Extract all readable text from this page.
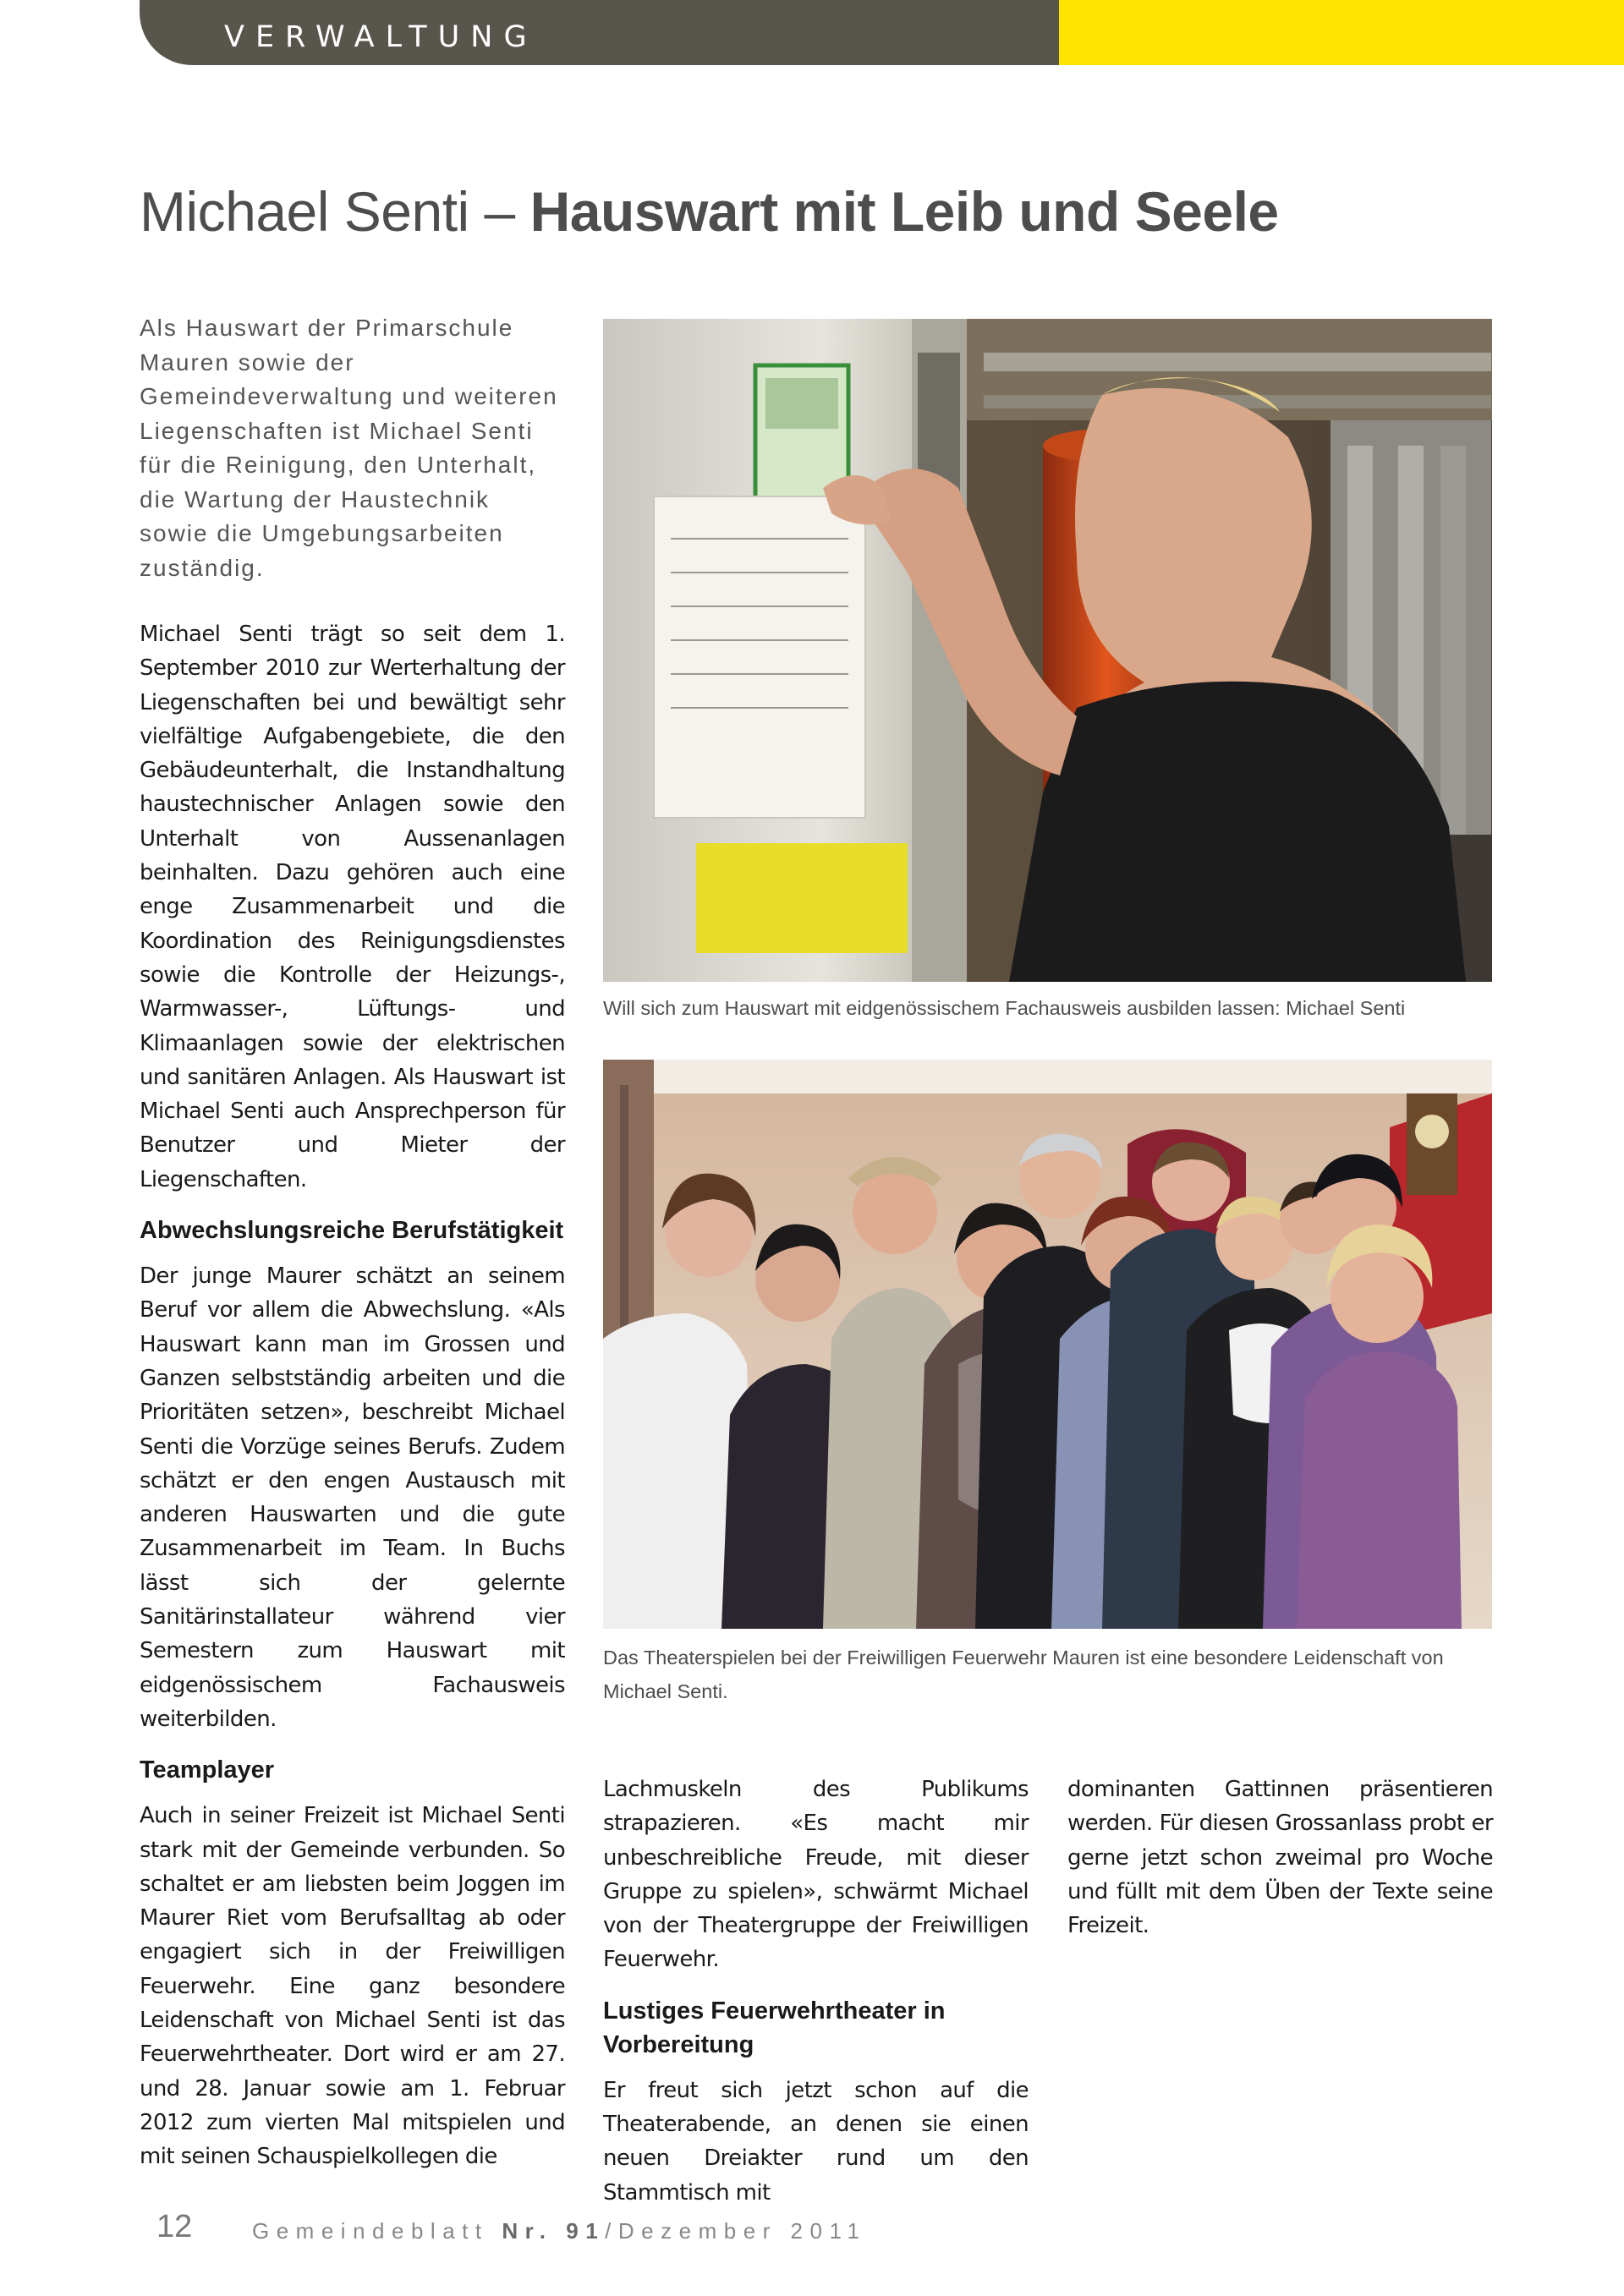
VERWALTUNG
Michael Senti – Hauswart mit Leib und Seele

Als Hauswart der Primarschule Mauren sowie der Gemeindeverwaltung und weiteren Liegenschaften ist Michael Senti für die Reinigung, den Unterhalt, die Wartung der Haustechnik sowie die Umgebungsarbeiten zuständig.

Michael Senti trägt so seit dem 1. September 2010 zur Werterhaltung der Liegenschaften bei und bewältigt sehr vielfältige Aufgabengebiete, die den Gebäudeunterhalt, die Instandhaltung haustechnischer Anlagen sowie den Unterhalt von Aussenanlagen beinhalten. Dazu gehören auch eine enge Zusammenarbeit und die Koordination des Reinigungsdienstes sowie die Kontrolle der Heizungs-, Warmwasser-, Lüftungs- und Klimaanlagen sowie der elektrischen und sanitären Anlagen. Als Hauswart ist Michael Senti auch Ansprechperson für Benutzer und Mieter der Liegenschaften.

Abwechslungsreiche Berufstätigkeit

Der junge Maurer schätzt an seinem Beruf vor allem die Abwechslung. «Als Hauswart kann man im Grossen und Ganzen selbstständig arbeiten und die Prioritäten setzen», beschreibt Michael Senti die Vorzüge seines Berufs. Zudem schätzt er den engen Austausch mit anderen Hauswarten und die gute Zusammenarbeit im Team. In Buchs lässt sich der gelernte Sanitärinstallateur während vier Semestern zum Hauswart mit eidgenössischem Fachausweis weiterbilden.

Teamplayer

Auch in seiner Freizeit ist Michael Senti stark mit der Gemeinde verbunden. So schaltet er am liebsten beim Joggen im Maurer Riet vom Berufsalltag ab oder engagiert sich in der Freiwilligen Feuerwehr. Eine ganz besondere Leidenschaft von Michael Senti ist das Feuerwehrtheater. Dort wird er am 27. und 28. Januar sowie am 1. Februar 2012 zum vierten Mal mitspielen und mit seinen Schauspielkollegen die

Lachmuskeln des Publikums strapazieren. «Es macht mir unbeschreibliche Freude, mit dieser Gruppe zu spielen», schwärmt Michael von der Theatergruppe der Freiwilligen Feuerwehr.

Lustiges Feuerwehrtheater in Vorbereitung

Er freut sich jetzt schon auf die Theaterabende, an denen sie einen neuen Dreiakter rund um den Stammtisch mit

dominanten Gattinnen präsentieren werden. Für diesen Grossanlass probt er gerne jetzt schon zweimal pro Woche und füllt mit dem Üben der Texte seine Freizeit.

Will sich zum Hauswart mit eidgenössischem Fachausweis ausbilden lassen: Michael Senti

Das Theaterspielen bei der Freiwilligen Feuerwehr Mauren ist eine besondere Leidenschaft von Michael Senti.

12	Gemeindeblatt Nr. 91/Dezember 2011
